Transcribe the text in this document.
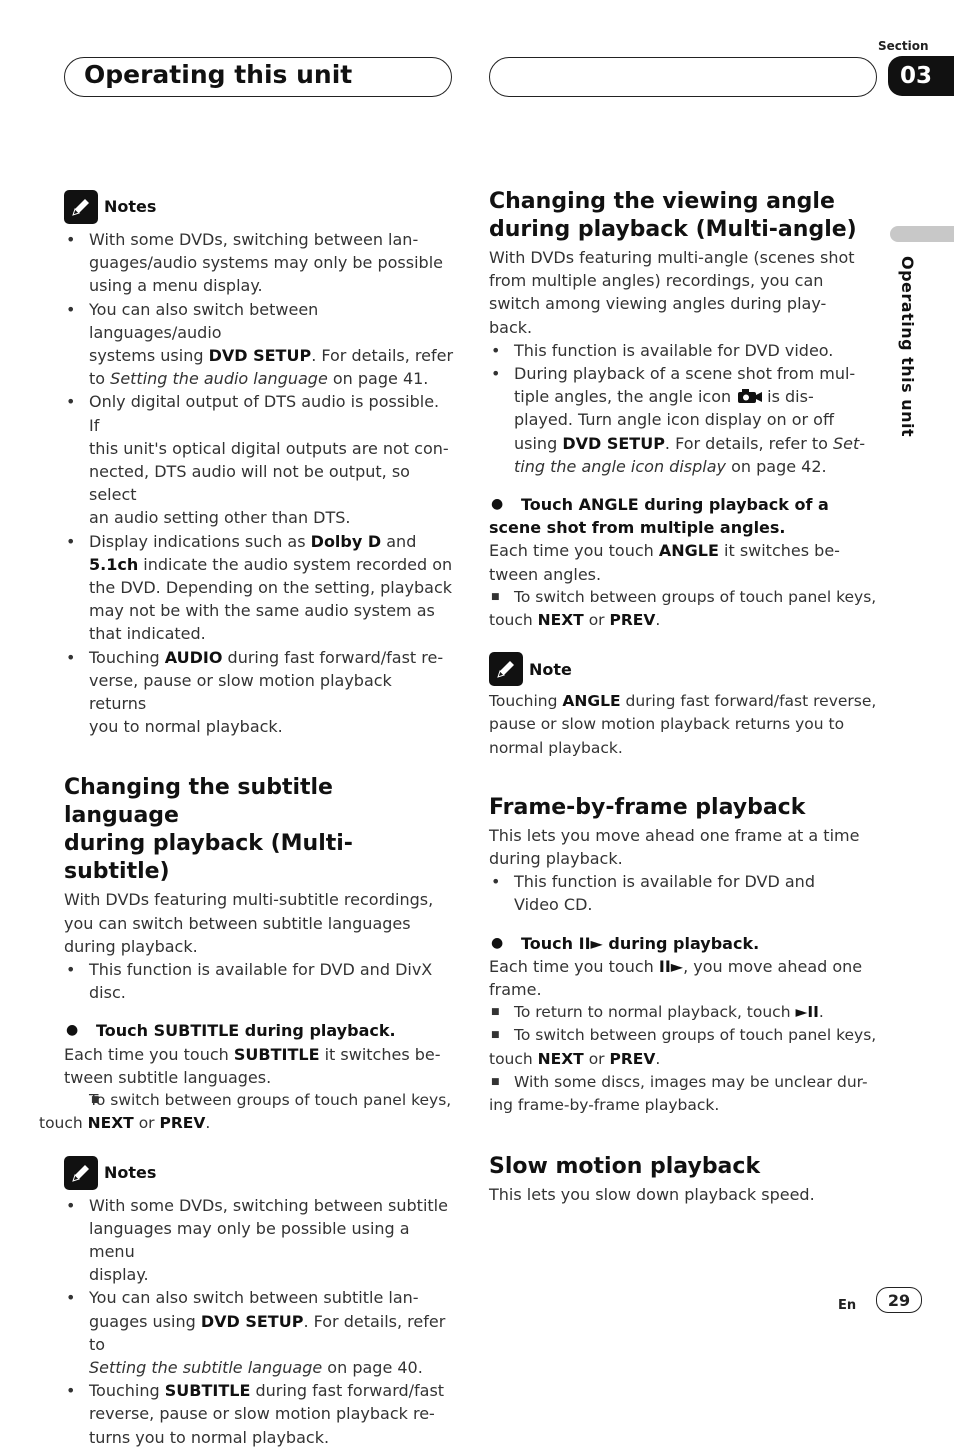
Operating this unit
Section
03
Operating this unit
Notes
• With some DVDs, switching between lan-
guages/audio systems may only be possible
using a menu display.
• You can also switch between languages/audio
systems using DVD SETUP. For details, refer
to Setting the audio language on page 41.
• Only digital output of DTS audio is possible. If
this unit's optical digital outputs are not con-
nected, DTS audio will not be output, so select
an audio setting other than DTS.
• Display indications such as Dolby D and
5.1ch indicate the audio system recorded on
the DVD. Depending on the setting, playback
may not be with the same audio system as
that indicated.
• Touching AUDIO during fast forward/fast re-
verse, pause or slow motion playback returns
you to normal playback.
Changing the subtitle language
during playback (Multi-subtitle)

With DVDs featuring multi-subtitle recordings,
you can switch between subtitle languages
during playback.

• This function is available for DVD and DivX
disc.

● Touch SUBTITLE during playback.

Each time you touch SUBTITLE it switches be-
tween subtitle languages.

■ To switch between groups of touch panel keys,
touch NEXT or PREV.

Notes
• With some DVDs, switching between subtitle
languages may only be possible using a menu
display.
• You can also switch between subtitle lan-
guages using DVD SETUP. For details, refer to
Setting the subtitle language on page 40.
• Touching SUBTITLE during fast forward/fast
reverse, pause or slow motion playback re-
turns you to normal playback.
Changing the viewing angle
during playback (Multi-angle)

With DVDs featuring multi-angle (scenes shot
from multiple angles) recordings, you can
switch among viewing angles during play-
back.

• This function is available for DVD video.
• During playback of a scene shot from mul-
tiple angles, the angle icon is dis-
played. Turn angle icon display on or off
using DVD SETUP. For details, refer to Set-
ting the angle icon display on page 42.

● Touch ANGLE during playback of a
scene shot from multiple angles.

Each time you touch ANGLE it switches be-
tween angles.

■ To switch between groups of touch panel keys,
touch NEXT or PREV.

Note

Touching ANGLE during fast forward/fast reverse,
pause or slow motion playback returns you to
normal playback.

Frame-by-frame playback

This lets you move ahead one frame at a time
during playback.

• This function is available for DVD and
Video CD.

● Touch II► during playback.

Each time you touch II►, you move ahead one
frame.

■ To return to normal playback, touch ►II.

■ To switch between groups of touch panel keys,
touch NEXT or PREV.

■ With some discs, images may be unclear dur-
ing frame-by-frame playback.

Slow motion playback

This lets you slow down playback speed.

En	29
